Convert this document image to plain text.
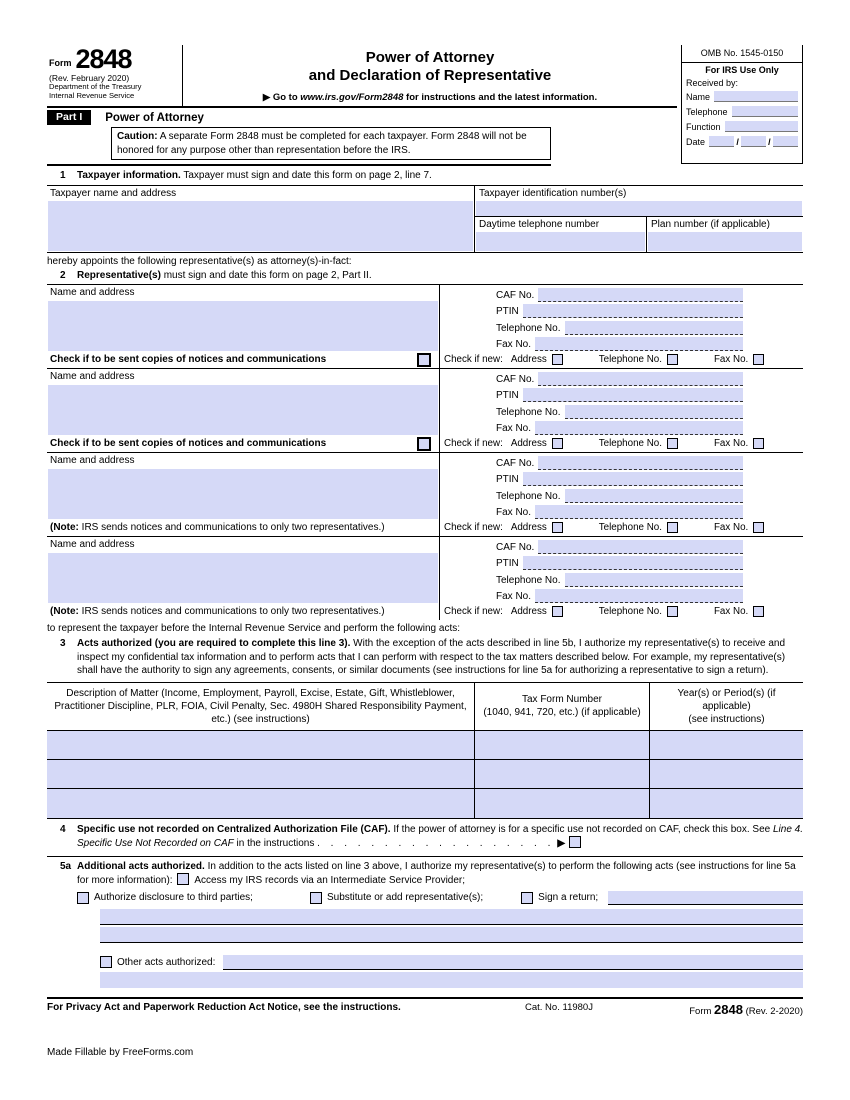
OMB No. 1545-0150
For IRS Use Only
Received by:
Name
Telephone
Function
Date	/	/
Form 2848
(Rev. February 2020)
Department of the Treasury
Internal Revenue Service
Power of Attorney
and Declaration of Representative
▶ Go to www.irs.gov/Form2848 for instructions and the latest information.
Part I	Power of Attorney
Caution: A separate Form 2848 must be completed for each taxpayer. Form 2848 will not be honored for any purpose other than representation before the IRS.
1	Taxpayer information. Taxpayer must sign and date this form on page 2, line 7.
Taxpayer name and address	Taxpayer identification number(s)
Daytime telephone number	Plan number (if applicable)
hereby appoints the following representative(s) as attorney(s)-in-fact:
2	Representative(s) must sign and date this form on page 2, Part II.
Name and address
Check if to be sent copies of notices and communications
CAF No.
PTIN
Telephone No.
Fax No.
Check if new: Address	Telephone No.	Fax No.
Name and address
Check if to be sent copies of notices and communications
CAF No.
PTIN
Telephone No.
Fax No.
Check if new: Address	Telephone No.	Fax No.
Name and address
(Note: IRS sends notices and communications to only two representatives.)
CAF No.
PTIN
Telephone No.
Fax No.
Check if new: Address	Telephone No.	Fax No.
Name and address
(Note: IRS sends notices and communications to only two representatives.)
CAF No.
PTIN
Telephone No.
Fax No.
Check if new: Address	Telephone No.	Fax No.
to represent the taxpayer before the Internal Revenue Service and perform the following acts:
3	Acts authorized (you are required to complete this line 3). With the exception of the acts described in line 5b, I authorize my representative(s) to receive and inspect my confidential tax information and to perform acts that I can perform with respect to the tax matters described below. For example, my representative(s) shall have the authority to sign any agreements, consents, or similar documents (see instructions for line 5a for authorizing a representative to sign a return).
Description of Matter (Income, Employment, Payroll, Excise, Estate, Gift, Whistleblower, Practitioner Discipline, PLR, FOIA, Civil Penalty, Sec. 4980H Shared Responsibility Payment, etc.) (see instructions)
Tax Form Number
(1040, 941, 720, etc.) (if applicable)
Year(s) or Period(s) (if applicable)
(see instructions)
4	Specific use not recorded on Centralized Authorization File (CAF). If the power of attorney is for a specific use not recorded on CAF, check this box. See Line 4. Specific Use Not Recorded on CAF in the instructions . . . . . . . . . . . . . . . . . . ▶
5a Additional acts authorized. In addition to the acts listed on line 3 above, I authorize my representative(s) to perform the following acts (see instructions for line 5a for more information): Access my IRS records via an Intermediate Service Provider;
Authorize disclosure to third parties;	Substitute or add representative(s);	Sign a return;
Other acts authorized:
For Privacy Act and Paperwork Reduction Act Notice, see the instructions.	Cat. No. 11980J	Form 2848 (Rev. 2-2020)
Made Fillable by FreeForms.com
